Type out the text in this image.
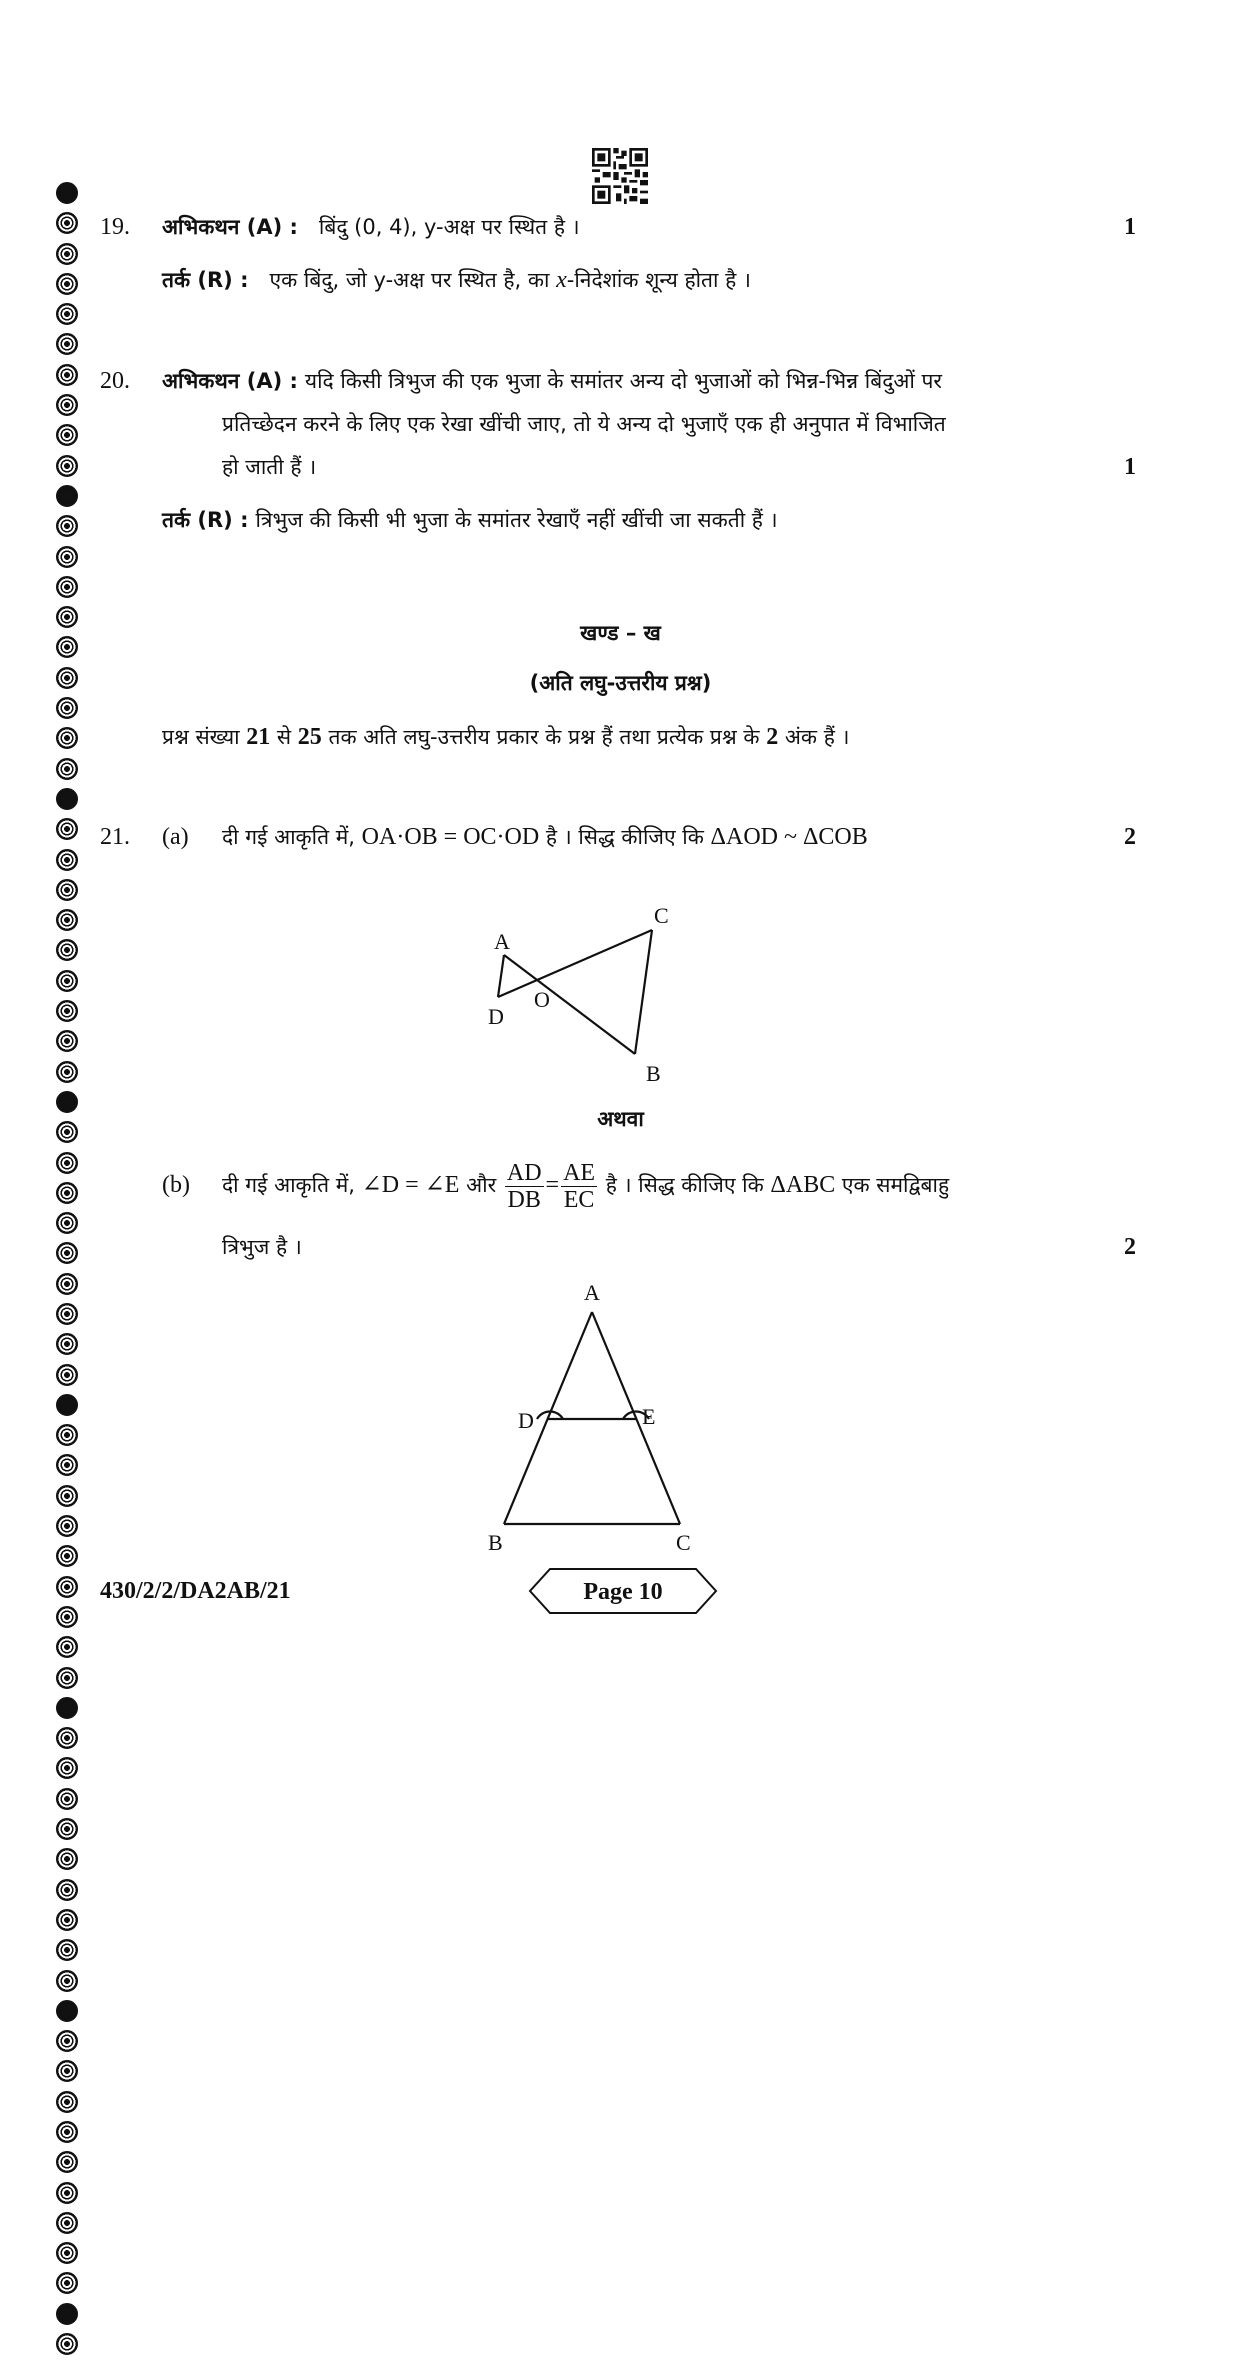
19. अभिकथन (A) : बिंदु (0, 4), y-अक्ष पर स्थित है ।	1
तर्क (R) : एक बिंदु, जो y-अक्ष पर स्थित है, का x-निदेशांक शून्य होता है ।
20. अभिकथन (A) : यदि किसी त्रिभुज की एक भुजा के समांतर अन्य दो भुजाओं को भिन्न-भिन्न बिंदुओं पर
प्रतिच्छेदन करने के लिए एक रेखा खींची जाए, तो ये अन्य दो भुजाएँ एक ही अनुपात में विभाजित
हो जाती हैं ।	1
तर्क (R) : त्रिभुज की किसी भी भुजा के समांतर रेखाएँ नहीं खींची जा सकती हैं ।
खण्ड – ख
(अति लघु-उत्तरीय प्रश्न)
प्रश्न संख्या 21 से 25 तक अति लघु-उत्तरीय प्रकार के प्रश्न हैं तथा प्रत्येक प्रश्न के 2 अंक हैं ।
21. (a) दी गई आकृति में, OA·OB = OC·OD है । सिद्ध कीजिए कि ΔAOD ~ ΔCOB	2
A
D
O
C
B
अथवा
(b) दी गई आकृति में, ∠D = ∠E और $\frac{AD}{DB} = \frac{AE}{EC}$ है । सिद्ध कीजिए कि ΔABC एक समद्विबाहु
त्रिभुज है ।	2
A
D	E
B	C
430/2/2/DA2AB/21	Page 10
